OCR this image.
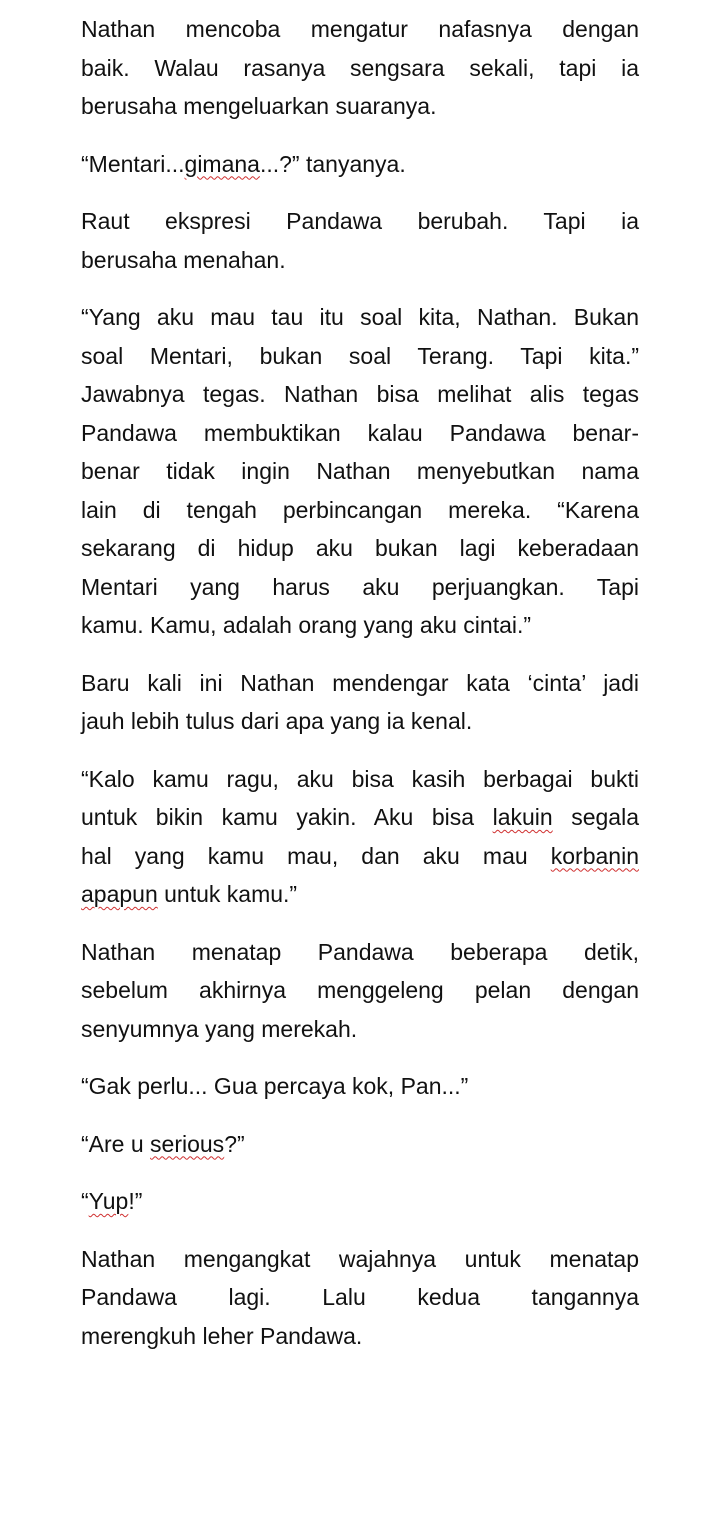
Nathan mencoba mengatur nafasnya dengan
baik. Walau rasanya sengsara sekali, tapi ia
berusaha mengeluarkan suaranya.
“Mentari...gimana...?” tanyanya.
Raut ekspresi Pandawa berubah. Tapi ia
berusaha menahan.
“Yang aku mau tau itu soal kita, Nathan. Bukan
soal Mentari, bukan soal Terang. Tapi kita.”
Jawabnya tegas. Nathan bisa melihat alis tegas
Pandawa membuktikan kalau Pandawa benar-
benar tidak ingin Nathan menyebutkan nama
lain di tengah perbincangan mereka. “Karena
sekarang di hidup aku bukan lagi keberadaan
Mentari yang harus aku perjuangkan. Tapi
kamu. Kamu, adalah orang yang aku cintai.”
Baru kali ini Nathan mendengar kata ‘cinta’ jadi
jauh lebih tulus dari apa yang ia kenal.
“Kalo kamu ragu, aku bisa kasih berbagai bukti
untuk bikin kamu yakin. Aku bisa lakuin segala
hal yang kamu mau, dan aku mau korbanin
apapun untuk kamu.”
Nathan menatap Pandawa beberapa detik,
sebelum akhirnya menggeleng pelan dengan
senyumnya yang merekah.
“Gak perlu... Gua percaya kok, Pan...”
“Are u serious?”
“Yup!”
Nathan mengangkat wajahnya untuk menatap
Pandawa lagi. Lalu kedua tangannya
merengkuh leher Pandawa.
